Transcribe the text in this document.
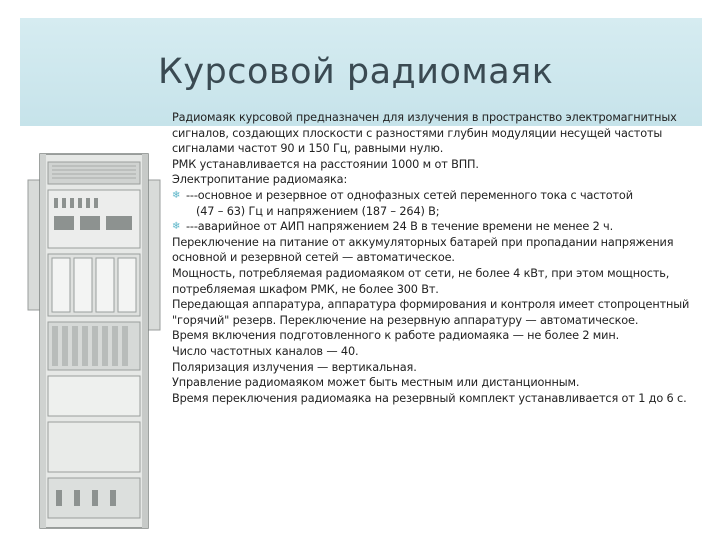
Курсовой радиомаяк

Радиомаяк курсовой предназначен для излучения в пространство электромагнитных сигналов, создающих плоскости с разностями глубин модуляции несущей частоты сигналами частот 90 и 150 Гц, равными нулю.

РМК устанавливается на расстоянии 1000 м от ВПП.

Электропитание радиомаяка:

❄ ---основное и резервное от однофазных сетей переменного тока с частотой

(47 – 63) Гц и напряжением (187 – 264) В;

❄ ---аварийное от АИП напряжением 24 В в течение времени не менее 2 ч.

Переключение на питание от аккумуляторных батарей при пропадании напряжения основной и резервной сетей — автоматическое.

Мощность, потребляемая радиомаяком от сети, не более 4 кВт, при этом мощность, потребляемая шкафом РМК, не более 300 Вт.

Передающая аппаратура, аппаратура формирования и контроля имеет стопроцентный "горячий" резерв. Переключение на резервную аппаратуру — автоматическое.

Время включения подготовленного к работе радиомаяка — не более 2 мин.

Число частотных каналов — 40.

Поляризация излучения — вертикальная.

Управление радиомаяком может быть местным или дистанционным.

Время переключения радиомаяка на резервный комплект устанавливается от 1 до 6 с.
